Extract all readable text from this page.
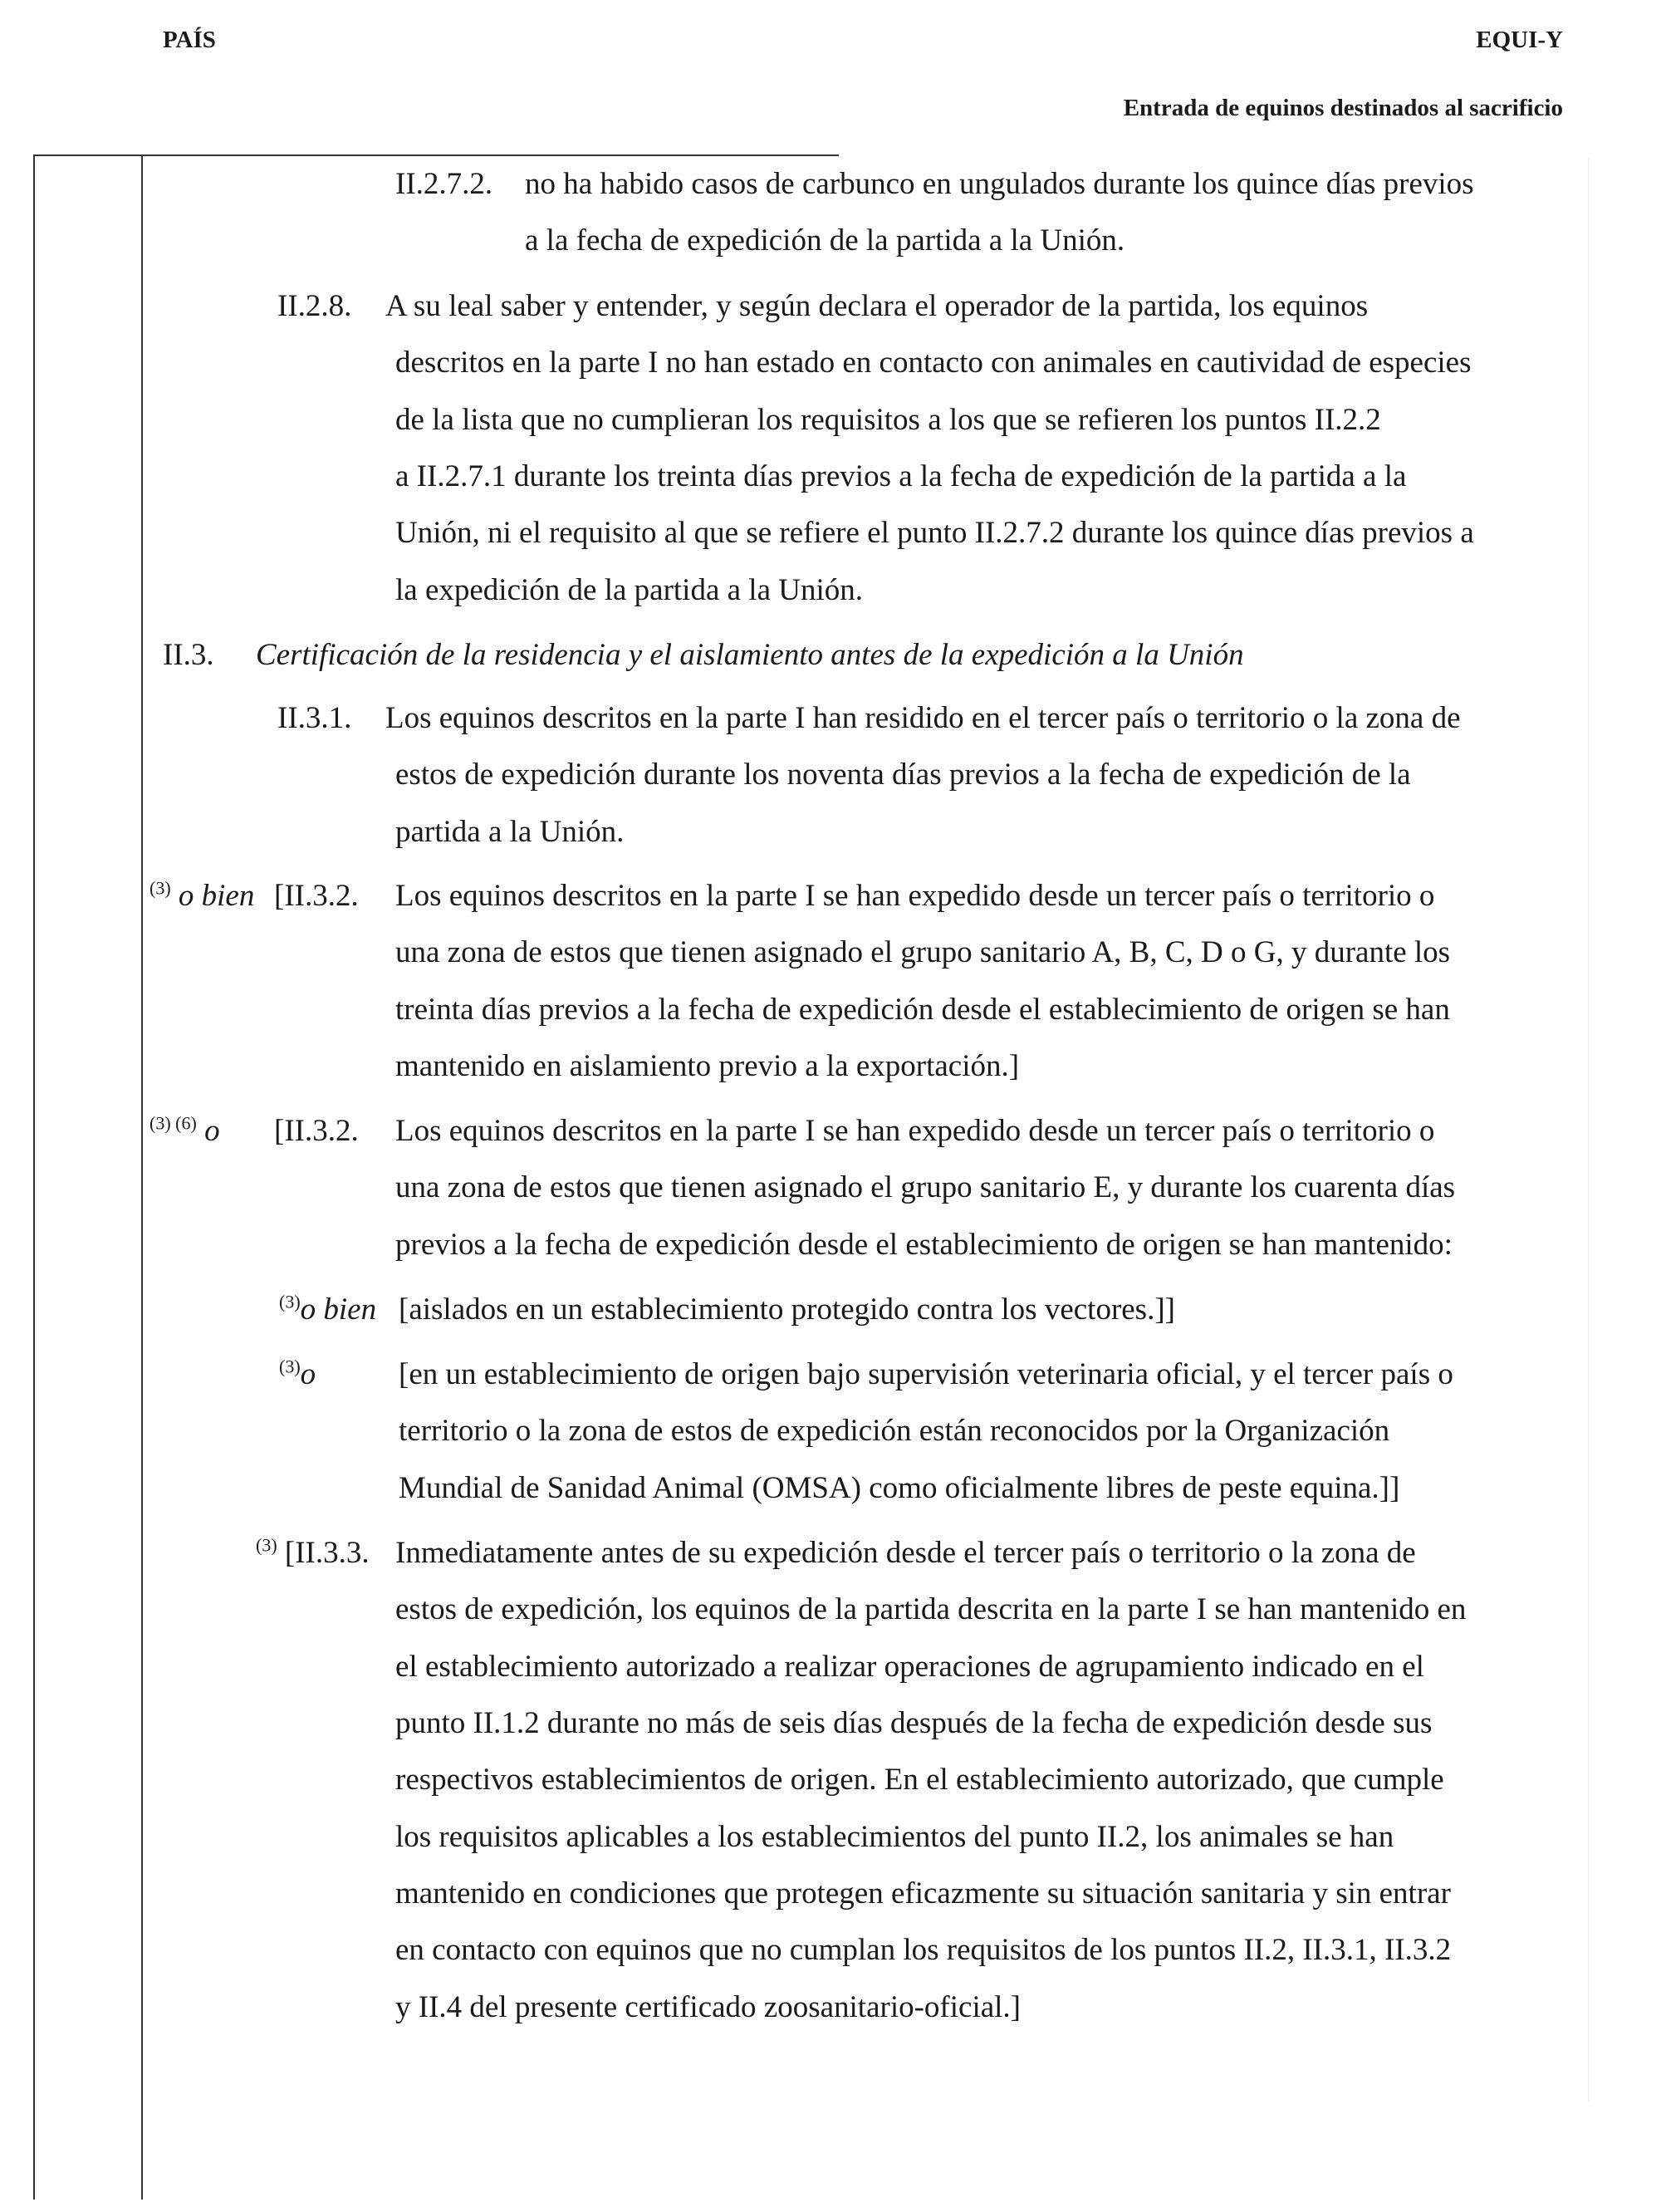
PAÍS	EQUI-Y
Entrada de equinos destinados al sacrificio
II.2.7.2. no ha habido casos de carbunco en ungulados durante los quince días previos
a la fecha de expedición de la partida a la Unión.
II.2.8. A su leal saber y entender, y según declara el operador de la partida, los equinos
descritos en la parte I no han estado en contacto con animales en cautividad de especies
de la lista que no cumplieran los requisitos a los que se refieren los puntos II.2.2
a II.2.7.1 durante los treinta días previos a la fecha de expedición de la partida a la
Unión, ni el requisito al que se refiere el punto II.2.7.2 durante los quince días previos a
la expedición de la partida a la Unión.
II.3. Certificación de la residencia y el aislamiento antes de la expedición a la Unión
II.3.1. Los equinos descritos en la parte I han residido en el tercer país o territorio o la zona de
estos de expedición durante los noventa días previos a la fecha de expedición de la
partida a la Unión.
$^{(3)}$ o bien [II.3.2. Los equinos descritos en la parte I se han expedido desde un tercer país o territorio o
una zona de estos que tienen asignado el grupo sanitario A, B, C, D o G, y durante los
treinta días previos a la fecha de expedición desde el establecimiento de origen se han
mantenido en aislamiento previo a la exportación.]
$^{(3) (6)}$ o [II.3.2. Los equinos descritos en la parte I se han expedido desde un tercer país o territorio o
una zona de estos que tienen asignado el grupo sanitario E, y durante los cuarenta días
previos a la fecha de expedición desde el establecimiento de origen se han mantenido:
$^{(3)}$o bien [aislados en un establecimiento protegido contra los vectores.]]
$^{(3)}$o	[en un establecimiento de origen bajo supervisión veterinaria oficial, y el tercer país o
territorio o la zona de estos de expedición están reconocidos por la Organización
Mundial de Sanidad Animal (OMSA) como oficialmente libres de peste equina.]]
$^{(3)}$ [II.3.3. Inmediatamente antes de su expedición desde el tercer país o territorio o la zona de
estos de expedición, los equinos de la partida descrita en la parte I se han mantenido en
el establecimiento autorizado a realizar operaciones de agrupamiento indicado en el
punto II.1.2 durante no más de seis días después de la fecha de expedición desde sus
respectivos establecimientos de origen. En el establecimiento autorizado, que cumple
los requisitos aplicables a los establecimientos del punto II.2, los animales se han
mantenido en condiciones que protegen eficazmente su situación sanitaria y sin entrar
en contacto con equinos que no cumplan los requisitos de los puntos II.2, II.3.1, II.3.2
y II.4 del presente certificado zoosanitario-oficial.]
